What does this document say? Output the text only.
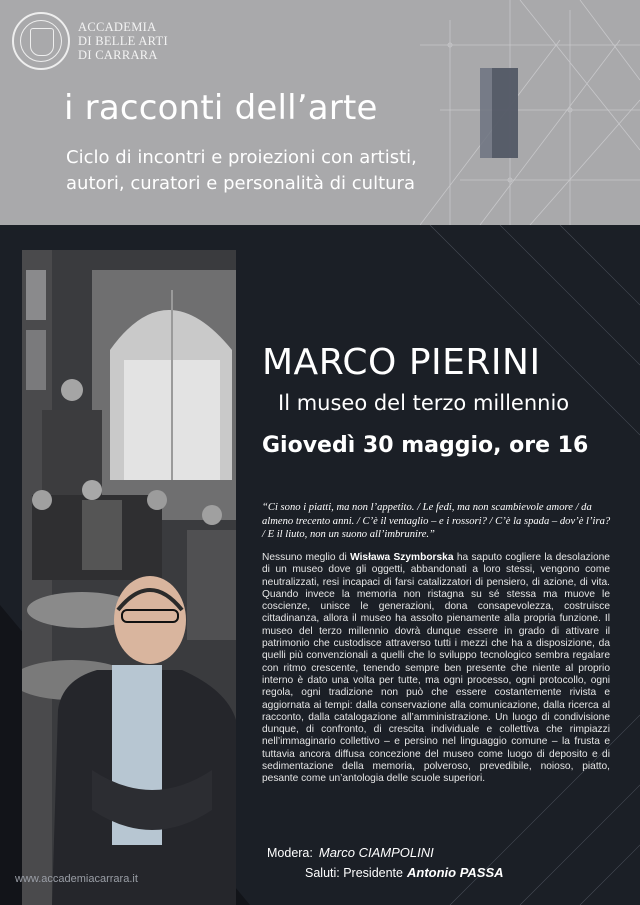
ACCADEMIA
DI BELLE ARTI
DI CARRARA
i racconti dell’arte
Ciclo di incontri e proiezioni con artisti,
autori, curatori e personalità di cultura
MARCO PIERINI
Il museo del terzo millennio
Giovedì 30 maggio, ore 16
“Ci sono i piatti, ma non l’appetito. / Le fedi, ma non scambievole amore / da almeno trecento anni. / C’è il ventaglio – e i rossori? / C’è la spada – dov’è l’ira? / E il liuto, non un suono all’imbrunire.”
Nessuno meglio di Wisława Szymborska ha saputo cogliere la desolazione di un museo dove gli oggetti, abbandonati a loro stessi, vengono come neutralizzati, resi incapaci di farsi catalizzatori di pensiero, di azione, di vita. Quando invece la memoria non ristagna su sé stessa ma muove le coscienze, unisce le generazioni, dona consapevolezza, costruisce cittadinanza, allora il museo ha assolto pienamente alla propria funzione. Il museo del terzo millennio dovrà dunque essere in grado di attivare il patrimonio che custodisce attraverso tutti i mezzi che ha a disposizione, da quelli più convenzionali a quelli che lo sviluppo tecnologico sembra regalare con ritmo crescente, tenendo sempre ben presente che niente al proprio interno è dato una volta per tutte, ma ogni processo, ogni protocollo, ogni regola, ogni tradizione non può che essere costantemente rivista e aggiornata ai tempi: dalla conservazione alla comunicazione, dalla ricerca al racconto, dalla catalogazione all’amministrazione. Un luogo di condivisione dunque, di confronto, di crescita individuale e collettiva che rimpiazzi nell’immaginario collettivo – e persino nel linguaggio comune – la frusta e tuttavia ancora diffusa concezione del museo come luogo di deposito e di sedimentazione della memoria, polveroso, prevedibile, noioso, piatto, pesante come un’antologia delle scuole superiori.
Modera: Marco CIAMPOLINI
Saluti: Presidente Antonio PASSA
www.accademiacarrara.it
